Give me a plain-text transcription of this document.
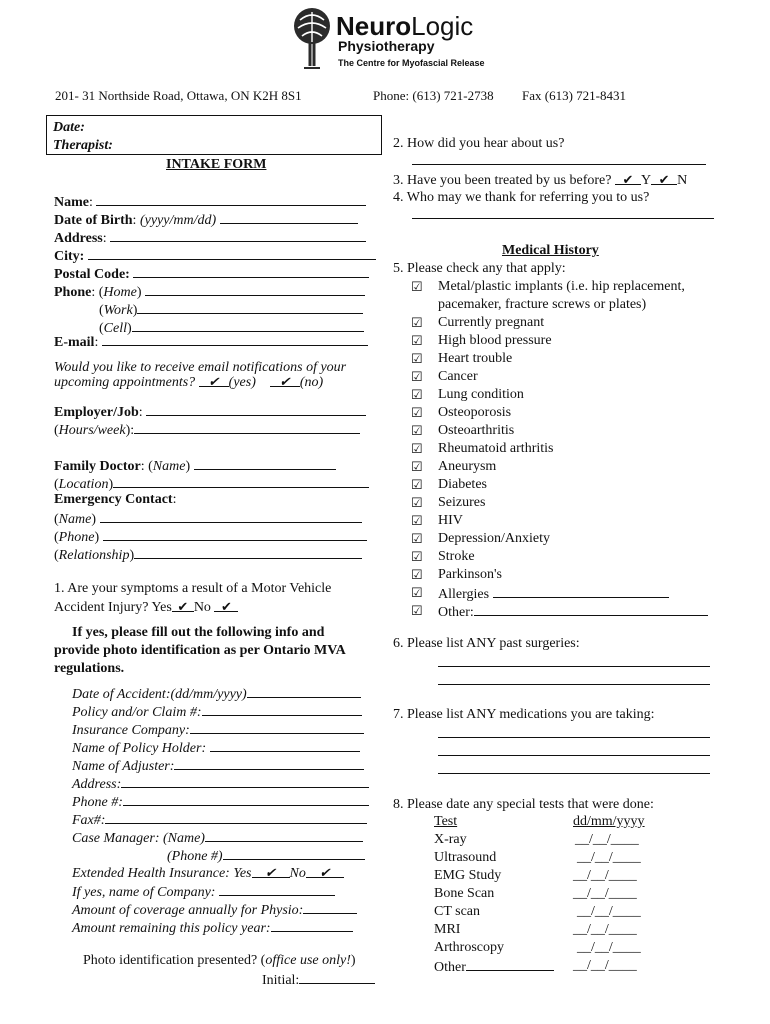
NeuroLogic
Physiotherapy
The Centre for Myofascial Release
201- 31 Northside Road, Ottawa, ON K2H 8S1	Phone: (613) 721-2738 Fax (613) 721-8431
Date:
Therapist:
INTAKE FORM
Name:
Date of Birth: (yyyy/mm/dd)
Address:
City:
Postal Code:
Phone: (Home)
(Work)
(Cell)
E-mail:
Would you like to receive email notifications of your
upcoming appointments? ✔ (yes) ✔ (no)
Employer/Job:
(Hours/week):
Family Doctor: (Name)
(Location)
Emergency Contact:
(Name)
(Phone)
(Relationship)
1. Are your symptoms a result of a Motor Vehicle
Accident Injury? Yes ✔ No ✔
If yes, please fill out the following info and
provide photo identification as per Ontario MVA
regulations.
Date of Accident:(dd/mm/yyyy)
Policy and/or Claim #:
Insurance Company:
Name of Policy Holder:
Name of Adjuster:
Address:
Phone #:
Fax#:
Case Manager: (Name)
(Phone #)
Extended Health Insurance: Yes ✔ No ✔
If yes, name of Company:
Amount of coverage annually for Physio:
Amount remaining this policy year:
Photo identification presented? (office use only!)
Initial:
2. How did you hear about us?
3. Have you been treated by us before? ✔ Y ✔ N
4. Who may we thank for referring you to us?
Medical History
5. Please check any that apply:
☑ Metal/plastic implants (i.e. hip replacement,
pacemaker, fracture screws or plates)
☑ Currently pregnant
☑ High blood pressure
☑ Heart trouble
☑ Cancer
☑ Lung condition
☑ Osteoporosis
☑ Osteoarthritis
☑ Rheumatoid arthritis
☑ Aneurysm
☑ Diabetes
☑ Seizures
☑ HIV
☑ Depression/Anxiety
☑ Stroke
☑ Parkinson's
☑ Allergies
☑ Other:
6. Please list ANY past surgeries:
7. Please list ANY medications you are taking:
8. Please date any special tests that were done:
Test	dd/mm/yyyy
X-ray	__/__/____
Ultrasound	__/__/____
EMG Study	__/__/____
Bone Scan	__/__/____
CT scan	__/__/____
MRI	__/__/____
Arthroscopy	__/__/____
Other	__/__/____
